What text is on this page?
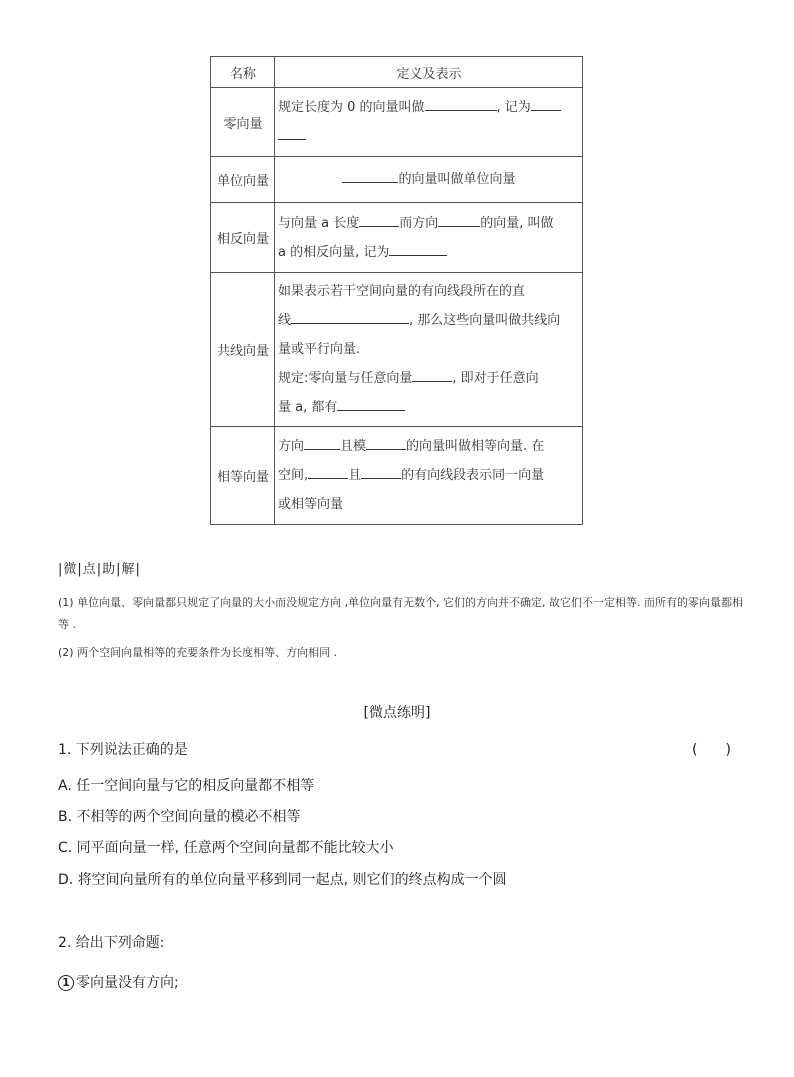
名称	定义及表示
零向量	规定长度为 0 的向量叫做 , 记为

单位向量	的向量叫做单位向量
相反向量	与向量 a 长度 而方向 的向量, 叫做
a 的相反向量, 记为
共线向量	如果表示若干空间向量的有向线段所在的直
线 , 那么这些向量叫做共线向
量或平行向量.
规定:零向量与任意向量 , 即对于任意向
量 a, 都有
相等向量	方向 且模 的向量叫做相等向量. 在
空间, 且 的有向线段表示同一向量
或相等向量
|微|点|助|解|
(1) 单位向量、零向量都只规定了向量的大小而没规定方向 ,单位向量有无数个, 它们的方向并不确定, 故它们不一定相等. 而所有的零向量都相等 .
(2) 两个空间向量相等的充要条件为长度相等、方向相同 .
[微点练明]
1. 下列说法正确的是	(　　)
A. 任一空间向量与它的相反向量都不相等
B. 不相等的两个空间向量的模必不相等
C. 同平面向量一样, 任意两个空间向量都不能比较大小
D. 将空间向量所有的单位向量平移到同一起点, 则它们的终点构成一个圆
2. 给出下列命题:
1 零向量没有方向;
